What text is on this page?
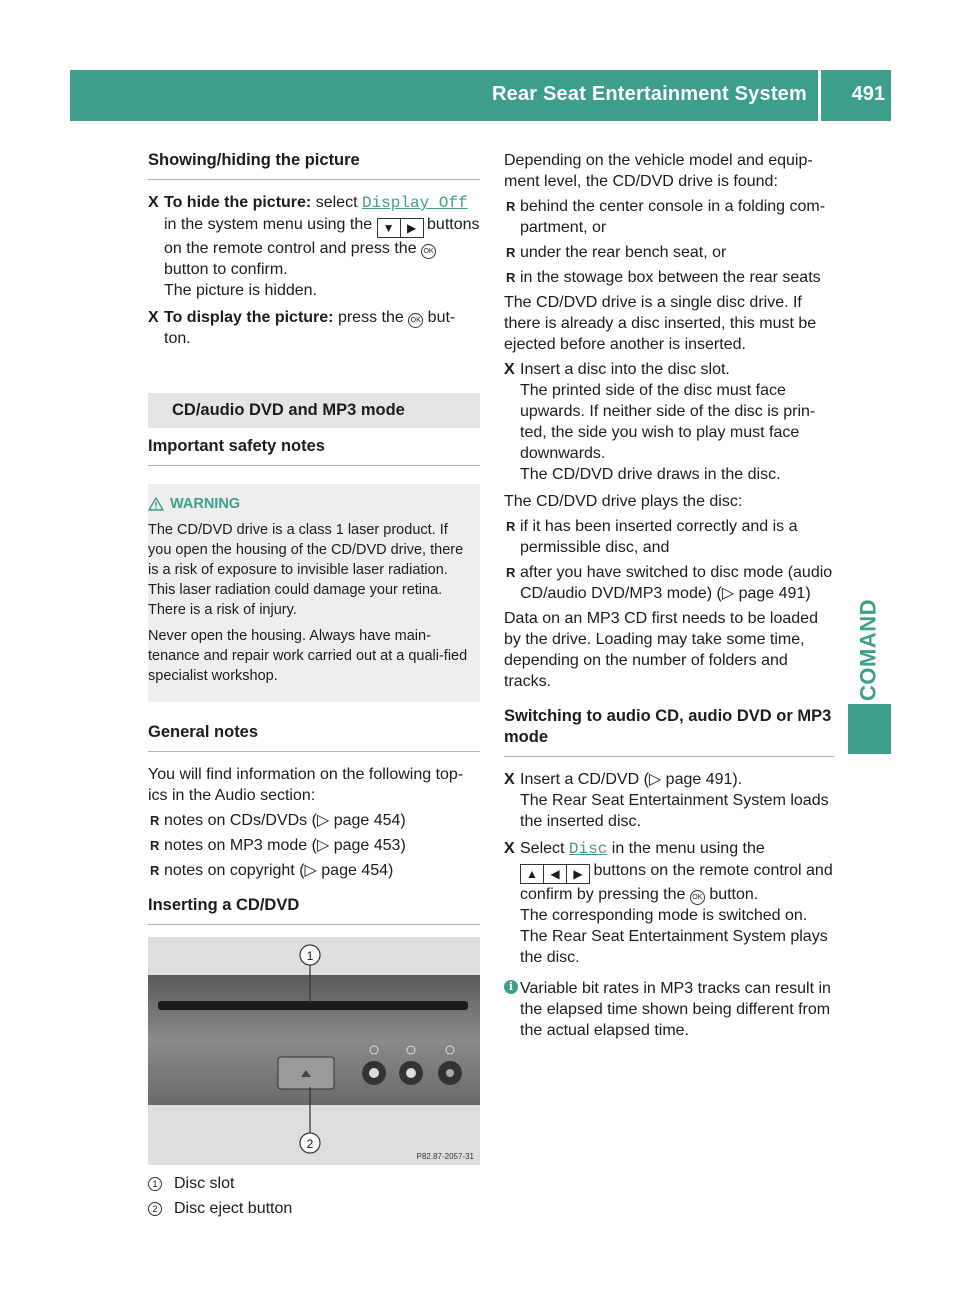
Rear Seat Entertainment System 491
COMAND
Showing/hiding the picture
X To hide the picture: select Display Off in the system menu using the ▼ ▶ buttons on the remote control and press the OK button to confirm.
The picture is hidden.
X To display the picture: press the OK but-ton.
CD/audio DVD and MP3 mode
Important safety notes
WARNING

The CD/DVD drive is a class 1 laser product. If you open the housing of the CD/DVD drive, there is a risk of exposure to invisible laser radiation. This laser radiation could damage your retina. There is a risk of injury.

Never open the housing. Always have main-tenance and repair work carried out at a quali-fied specialist workshop.

General notes

You will find information on the following top-ics in the Audio section:

R notes on CDs/DVDs (▷ page 454)
R notes on MP3 mode (▷ page 453)
R notes on copyright (▷ page 454)
Inserting a CD/DVD
1
2
P82.87-2057-31
1 Disc slot
2 Disc eject button

Depending on the vehicle model and equip-ment level, the CD/DVD drive is found:

R behind the center console in a folding com-partment, or
R under the rear bench seat, or
R in the stowage box between the rear seats

The CD/DVD drive is a single disc drive. If there is already a disc inserted, this must be ejected before another is inserted.

X Insert a disc into the disc slot.
The printed side of the disc must face upwards. If neither side of the disc is prin-ted, the side you wish to play must face downwards.
The CD/DVD drive draws in the disc.

The CD/DVD drive plays the disc:

R if it has been inserted correctly and is a permissible disc, and
R after you have switched to disc mode (audio CD/audio DVD/MP3 mode) (▷ page 491)

Data on an MP3 CD first needs to be loaded by the drive. Loading may take some time, depending on the number of folders and tracks.

Switching to audio CD, audio DVD or MP3 mode
X Insert a CD/DVD (▷ page 491).
The Rear Seat Entertainment System loads the inserted disc.
X Select Disc in the menu using the
▲ ◀ ▶ buttons on the remote control and confirm by pressing the OK button.
The corresponding mode is switched on.
The Rear Seat Entertainment System plays the disc.
i Variable bit rates in MP3 tracks can result in the elapsed time shown being different from the actual elapsed time.
